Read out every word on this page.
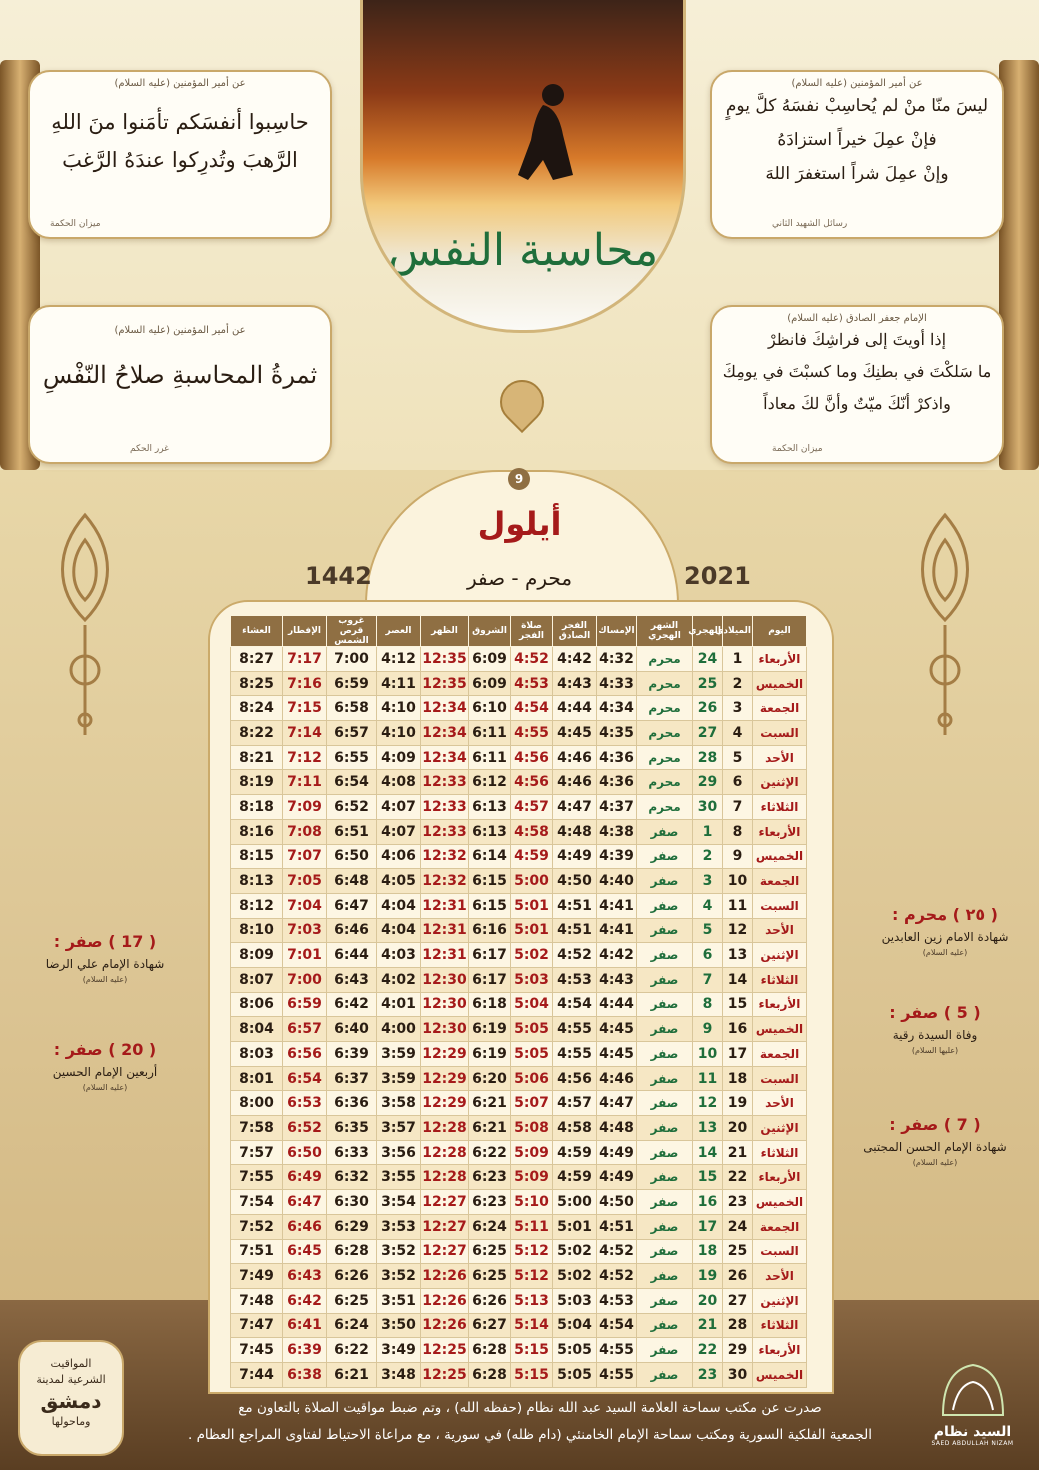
عن أمير المؤمنين (عليه السلام)
حاسِبوا أنفسَكم تأمَنوا منَ اللهِ
الرَّهبَ وتُدرِكوا عندَهُ الرَّغبَ
ميزان الحكمة
عن أمير المؤمنين (عليه السلام)
ليسَ منّا منْ لم يُحاسِبْ نفسَهُ كلَّ يومٍ
فإنْ عمِلَ خيراً استزادَهُ
وإنْ عمِلَ شراً استغفرَ اللهَ
رسائل الشهيد الثاني
عن أمير المؤمنين (عليه السلام)
ثمرةُ المحاسبةِ صلاحُ النّفْسِ
غرر الحكم
الإمام جعفر الصادق (عليه السلام)
إذا أويتَ إلى فراشِكَ فانظرْ
ما سَلكْتَ في بطنِكَ وما كسبْتَ في يومِكَ
واذكرْ أنّكَ ميّتٌ وأنَّ لكَ معاداً
ميزان الحكمة
محاسبة النفس
9
أيلول
1442	محرم - صفر	2021
اليوم	الميلادي	الهجري	الشهر الهجري	الإمساك	الفجر الصادق	صلاة الفجر	الشروق	الظهر	العصر	غروب قرص الشمس	الإفطار	العشاء
الأربعاء	1	24	محرم	4:32	4:42	4:52	6:09	12:35	4:12	7:00	7:17	8:27
الخميس	2	25	محرم	4:33	4:43	4:53	6:09	12:35	4:11	6:59	7:16	8:25
الجمعة	3	26	محرم	4:34	4:44	4:54	6:10	12:34	4:10	6:58	7:15	8:24
السبت	4	27	محرم	4:35	4:45	4:55	6:11	12:34	4:10	6:57	7:14	8:22
الأحد	5	28	محرم	4:36	4:46	4:56	6:11	12:34	4:09	6:55	7:12	8:21
الإثنين	6	29	محرم	4:36	4:46	4:56	6:12	12:33	4:08	6:54	7:11	8:19
الثلاثاء	7	30	محرم	4:37	4:47	4:57	6:13	12:33	4:07	6:52	7:09	8:18
الأربعاء	8	1	صفر	4:38	4:48	4:58	6:13	12:33	4:07	6:51	7:08	8:16
الخميس	9	2	صفر	4:39	4:49	4:59	6:14	12:32	4:06	6:50	7:07	8:15
الجمعة	10	3	صفر	4:40	4:50	5:00	6:15	12:32	4:05	6:48	7:05	8:13
السبت	11	4	صفر	4:41	4:51	5:01	6:15	12:31	4:04	6:47	7:04	8:12
الأحد	12	5	صفر	4:41	4:51	5:01	6:16	12:31	4:04	6:46	7:03	8:10
الإثنين	13	6	صفر	4:42	4:52	5:02	6:17	12:31	4:03	6:44	7:01	8:09
الثلاثاء	14	7	صفر	4:43	4:53	5:03	6:17	12:30	4:02	6:43	7:00	8:07
الأربعاء	15	8	صفر	4:44	4:54	5:04	6:18	12:30	4:01	6:42	6:59	8:06
الخميس	16	9	صفر	4:45	4:55	5:05	6:19	12:30	4:00	6:40	6:57	8:04
الجمعة	17	10	صفر	4:45	4:55	5:05	6:19	12:29	3:59	6:39	6:56	8:03
السبت	18	11	صفر	4:46	4:56	5:06	6:20	12:29	3:59	6:37	6:54	8:01
الأحد	19	12	صفر	4:47	4:57	5:07	6:21	12:29	3:58	6:36	6:53	8:00
الإثنين	20	13	صفر	4:48	4:58	5:08	6:21	12:28	3:57	6:35	6:52	7:58
الثلاثاء	21	14	صفر	4:49	4:59	5:09	6:22	12:28	3:56	6:33	6:50	7:57
الأربعاء	22	15	صفر	4:49	4:59	5:09	6:23	12:28	3:55	6:32	6:49	7:55
الخميس	23	16	صفر	4:50	5:00	5:10	6:23	12:27	3:54	6:30	6:47	7:54
الجمعة	24	17	صفر	4:51	5:01	5:11	6:24	12:27	3:53	6:29	6:46	7:52
السبت	25	18	صفر	4:52	5:02	5:12	6:25	12:27	3:52	6:28	6:45	7:51
الأحد	26	19	صفر	4:52	5:02	5:12	6:25	12:26	3:52	6:26	6:43	7:49
الإثنين	27	20	صفر	4:53	5:03	5:13	6:26	12:26	3:51	6:25	6:42	7:48
الثلاثاء	28	21	صفر	4:54	5:04	5:14	6:27	12:26	3:50	6:24	6:41	7:47
الأربعاء	29	22	صفر	4:55	5:05	5:15	6:28	12:25	3:49	6:22	6:39	7:45
الخميس	30	23	صفر	4:55	5:05	5:15	6:28	12:25	3:48	6:21	6:38	7:44
( ٢٥ ) محرم :
شهادة الامام زين العابدين
(عليه السلام)
( 5 ) صفر :
وفاة السيدة رقية
(عليها السلام)
( 7 ) صفر :
شهادة الإمام الحسن المجتبى
(عليه السلام)
( 17 ) صفر :
شهادة الإمام علي الرضا
(عليه السلام)
( 20 ) صفر :
أربعين الإمام الحسين
(عليه السلام)
المواقيت
الشرعية لمدينة
دمشق
وماحولها
صدرت عن مكتب سماحة العلامة السيد عبد الله نظام (حفظه الله) ، وتم ضبط مواقيت الصلاة بالتعاون مع
الجمعية الفلكية السورية ومكتب سماحة الإمام الخامنئي (دام ظله) في سورية ، مع مراعاة الاحتياط لفتاوى المراجع العظام .	السيد نظام
SAED ABDULLAH NIZAM
